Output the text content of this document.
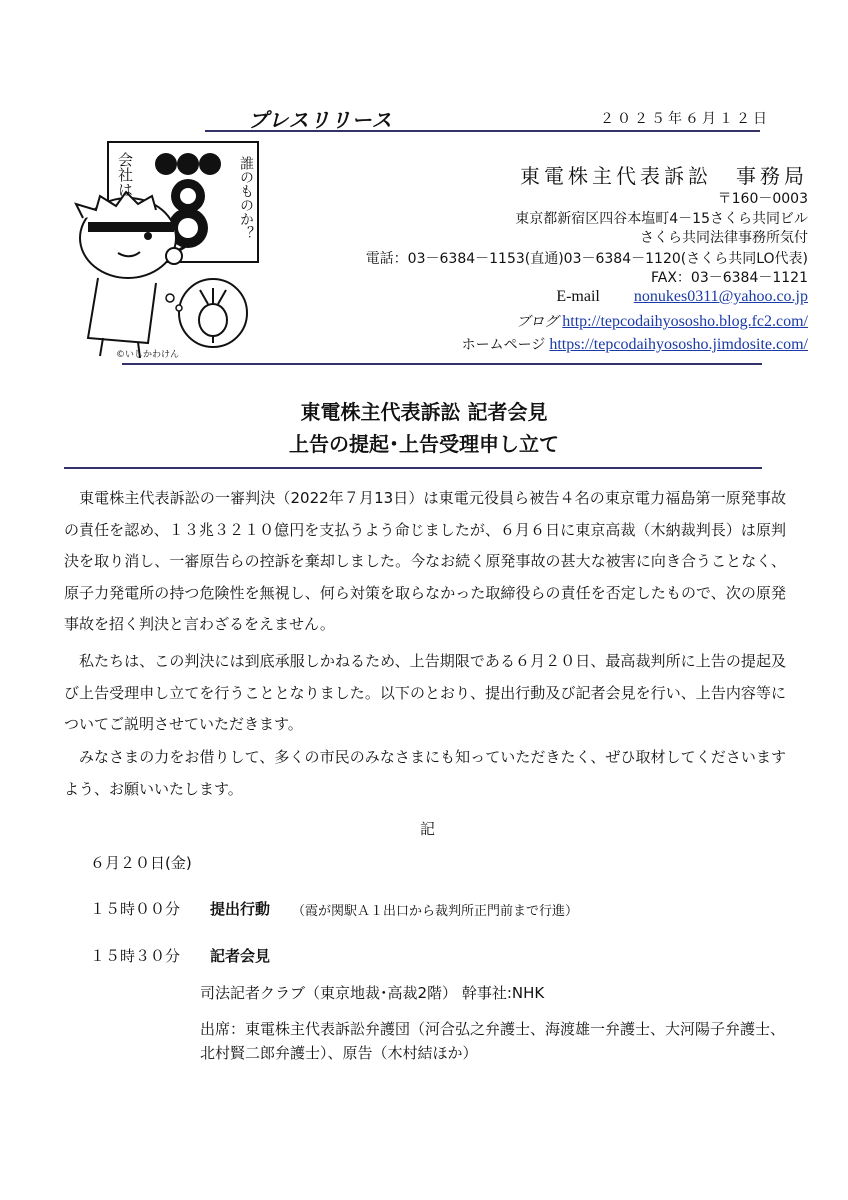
プレスリリース	２０２５年６月１２日
会社は	誰のものか？
©いしかわけん
東電株主代表訴訟　事務局
〒160－0003
東京都新宿区四谷本塩町4－15さくら共同ビル
さくら共同法律事務所気付
電話：03－6384－1153(直通)03－6384－1120(さくら共同LO代表)
FAX：03－6384－1121
E-mail nonukes0311@yahoo.co.jp
ブログ http://tepcodaihyososho.blog.fc2.com/
ホームページ https://tepcodaihyososho.jimdosite.com/
東電株主代表訴訟 記者会見
上告の提起･上告受理申し立て
東電株主代表訴訟の一審判決（2022年７月13日）は東電元役員ら被告４名の東京電力福島第一原発事故の責任を認め、１３兆３２１０億円を支払うよう命じましたが、６月６日に東京高裁（木納裁判長）は原判決を取り消し、一審原告らの控訴を棄却しました。今なお続く原発事故の甚大な被害に向き合うことなく、原子力発電所の持つ危険性を無視し、何ら対策を取らなかった取締役らの責任を否定したもので、次の原発事故を招く判決と言わざるをえません。
私たちは、この判決には到底承服しかねるため、上告期限である６月２０日、最高裁判所に上告の提起及び上告受理申し立てを行うこととなりました。以下のとおり、提出行動及び記者会見を行い、上告内容等についてご説明させていただきます。
みなさまの力をお借りして、多くの市民のみなさまにも知っていただきたく、ぜひ取材してくださいますよう、お願いいたします。
記
６月２０日(金)
１５時００分 提出行動 （霞が関駅Ａ１出口から裁判所正門前まで行進）
１５時３０分 記者会見
司法記者クラブ（東京地裁･高裁2階） 幹事社:NHK
出席：東電株主代表訴訟弁護団（河合弘之弁護士、海渡雄一弁護士、大河陽子弁護士、
北村賢二郎弁護士）、原告（木村結ほか）
